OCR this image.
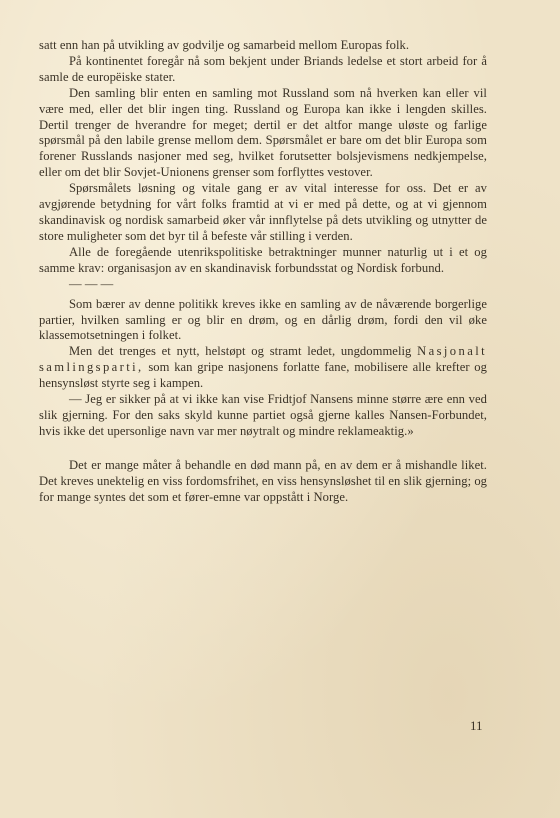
satt enn han på utvikling av godvilje og samarbeid mellom Europas folk.

På kontinentet foregår nå som bekjent under Briands ledelse et stort arbeid for å samle de europëiske stater.

Den samling blir enten en samling mot Russland som nå hverken kan eller vil være med, eller det blir ingen ting. Russland og Europa kan ikke i lengden skilles. Dertil trenger de hverandre for meget; dertil er det altfor mange uløste og farlige spørsmål på den labile grense mellom dem. Spørsmålet er bare om det blir Europa som forener Russlands nasjoner med seg, hvilket forutsetter bolsjevismens nedkjempelse, eller om det blir Sovjet-Unionens grenser som forflyttes vestover.

Spørsmålets løsning og vitale gang er av vital interesse for oss. Det er av avgjørende betydning for vårt folks framtid at vi er med på dette, og at vi gjennom skandinavisk og nordisk samarbeid øker vår innflytelse på dets utvikling og utnytter de store muligheter som det byr til å befeste vår stilling i verden.

Alle de foregående utenrikspolitiske betraktninger munner naturlig ut i et og samme krav: organisasjon av en skandinavisk forbundsstat og Nordisk forbund.

— — —

Som bærer av denne politikk kreves ikke en samling av de nåværende borgerlige partier, hvilken samling er og blir en drøm, og en dårlig drøm, fordi den vil øke klassemotsetningen i folket.

Men det trenges et nytt, helstøpt og stramt ledet, ungdommelig Nasjonalt samlingsparti, som kan gripe nasjonens forlatte fane, mobilisere alle krefter og hensynsløst styrte seg i kampen.

— Jeg er sikker på at vi ikke kan vise Fridtjof Nansens minne større ære enn ved slik gjerning. For den saks skyld kunne partiet også gjerne kalles Nansen-Forbundet, hvis ikke det upersonlige navn var mer nøytralt og mindre reklameaktig.»

Det er mange måter å behandle en død mann på, en av dem er å mishandle liket. Det kreves unektelig en viss fordomsfrihet, en viss hensynsløshet til en slik gjerning; og for mange syntes det som et fører-emne var oppstått i Norge.

11
